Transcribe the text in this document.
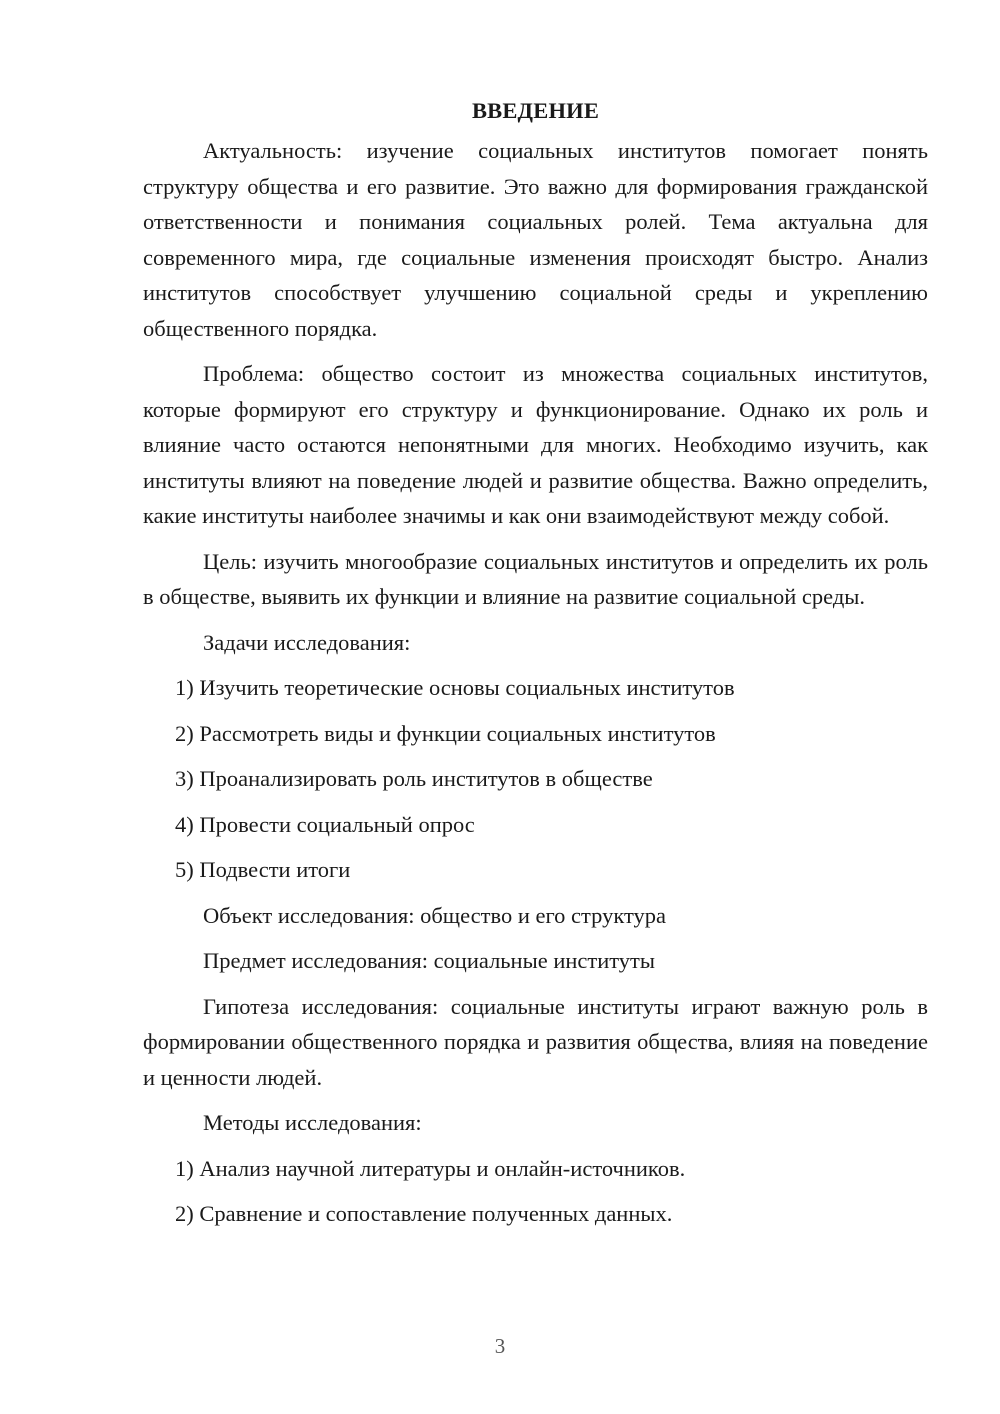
ВВЕДЕНИЕ

Актуальность: изучение социальных институтов помогает понять структуру общества и его развитие. Это важно для формирования гражданской ответственности и понимания социальных ролей. Тема актуальна для современного мира, где социальные изменения происходят быстро. Анализ институтов способствует улучшению социальной среды и укреплению общественного порядка.

Проблема: общество состоит из множества социальных институтов, которые формируют его структуру и функционирование. Однако их роль и влияние часто остаются непонятными для многих. Необходимо изучить, как институты влияют на поведение людей и развитие общества. Важно определить, какие институты наиболее значимы и как они взаимодействуют между собой.

Цель: изучить многообразие социальных институтов и определить их роль в обществе, выявить их функции и влияние на развитие социальной среды.

Задачи исследования:
1) Изучить теоретические основы социальных институтов
2) Рассмотреть виды и функции социальных институтов
3) Проанализировать роль институтов в обществе
4) Провести социальный опрос
5) Подвести итоги
Объект исследования: общество и его структура
Предмет исследования: социальные институты

Гипотеза исследования: социальные институты играют важную роль в формировании общественного порядка и развития общества, влияя на поведение и ценности людей.

Методы исследования:
1) Анализ научной литературы и онлайн-источников.
2) Сравнение и сопоставление полученных данных.
3
